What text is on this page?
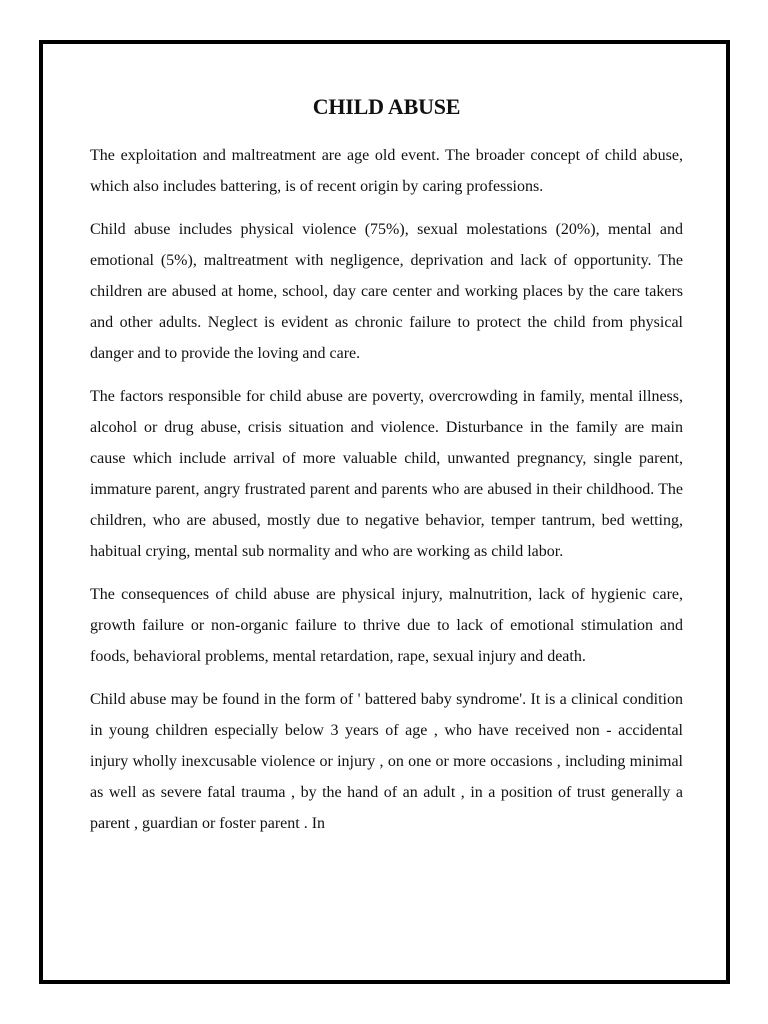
CHILD ABUSE

The exploitation and maltreatment are age old event. The broader concept of child abuse, which also includes battering, is of recent origin by caring professions.

Child abuse includes physical violence (75%), sexual molestations (20%), mental and emotional (5%), maltreatment with negligence, deprivation and lack of opportunity. The children are abused at home, school, day care center and working places by the care takers and other adults. Neglect is evident as chronic failure to protect the child from physical danger and to provide the loving and care.

The factors responsible for child abuse are poverty, overcrowding in family, mental illness, alcohol or drug abuse, crisis situation and violence. Disturbance in the family are main cause which include arrival of more valuable child, unwanted pregnancy, single parent, immature parent, angry frustrated parent and parents who are abused in their childhood. The children, who are abused, mostly due to negative behavior, temper tantrum, bed wetting, habitual crying, mental sub normality and who are working as child labor.

The consequences of child abuse are physical injury, malnutrition, lack of hygienic care, growth failure or non-organic failure to thrive due to lack of emotional stimulation and foods, behavioral problems, mental retardation, rape, sexual injury and death.

Child abuse may be found in the form of ' battered baby syndrome'. It is a clinical condition in young children especially below 3 years of age , who have received non - accidental injury wholly inexcusable violence or injury , on one or more occasions , including minimal as well as severe fatal trauma , by the hand of an adult , in a position of trust generally a parent , guardian or foster parent . In
